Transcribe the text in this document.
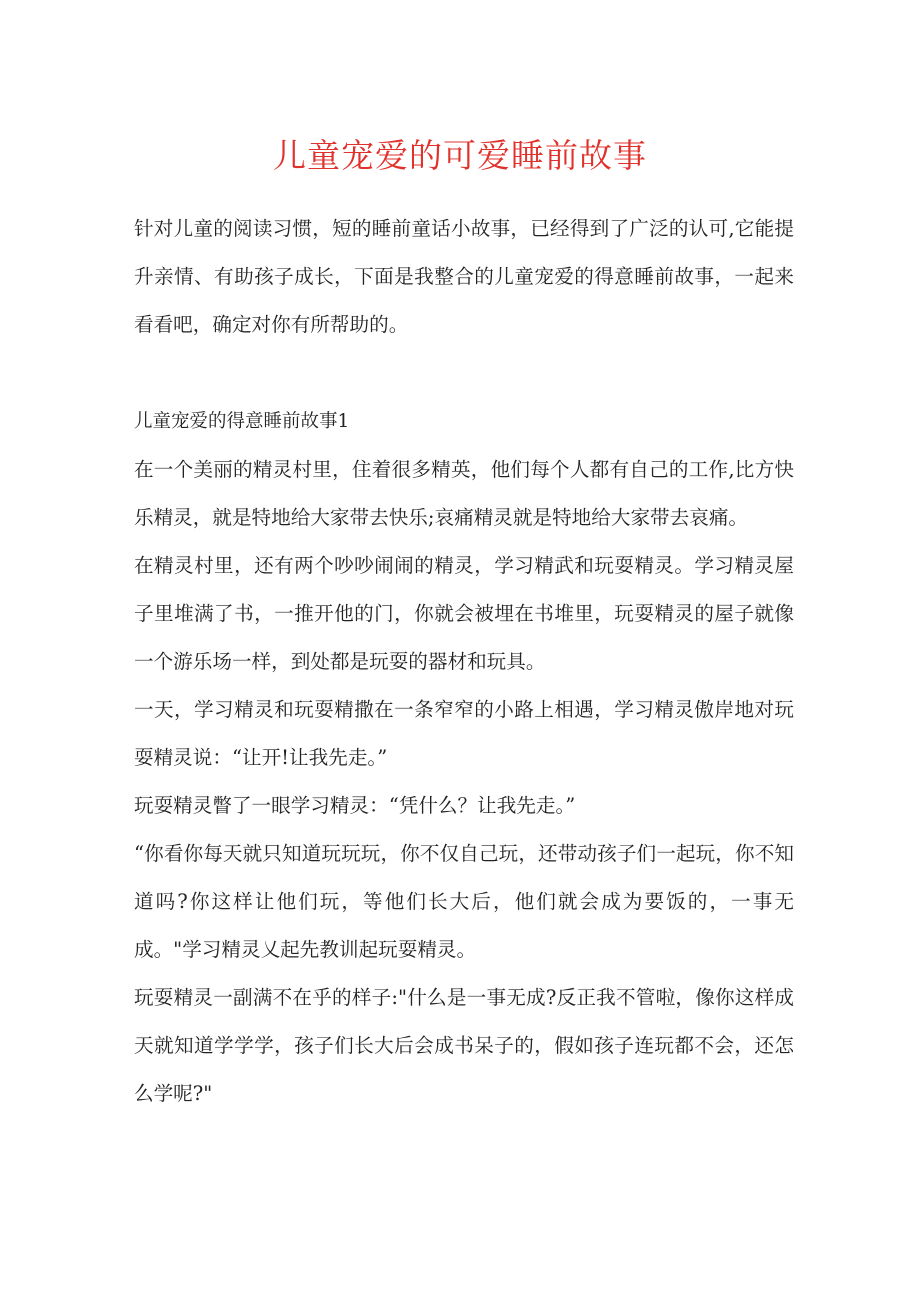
儿童宠爱的可爱睡前故事

针对儿童的阅读习惯，短的睡前童话小故事，已经得到了广泛的认可,它能提升亲情、有助孩子成长，下面是我整合的儿童宠爱的得意睡前故事，一起来看看吧，确定对你有所帮助的。

儿童宠爱的得意睡前故事1

在一个美丽的精灵村里，住着很多精英，他们每个人都有自己的工作,比方快乐精灵，就是特地给大家带去快乐;哀痛精灵就是特地给大家带去哀痛。

在精灵村里，还有两个吵吵闹闹的精灵，学习精武和玩耍精灵。学习精灵屋子里堆满了书，一推开他的门，你就会被埋在书堆里，玩耍精灵的屋子就像一个游乐场一样，到处都是玩耍的器材和玩具。

一天，学习精灵和玩耍精撒在一条窄窄的小路上相遇，学习精灵傲岸地对玩耍精灵说：“让开!让我先走。”

玩耍精灵瞥了一眼学习精灵：“凭什么？让我先走。”

“你看你每天就只知道玩玩玩，你不仅自己玩，还带动孩子们一起玩，你不知道吗?你这样让他们玩，等他们长大后，他们就会成为要饭的，一事无成。"学习精灵乂起先教训起玩耍精灵。

玩耍精灵一副满不在乎的样子:"什么是一事无成?反正我不管啦，像你这样成天就知道学学学，孩子们长大后会成书呆子的，假如孩子连玩都不会，还怎么学呢?"
